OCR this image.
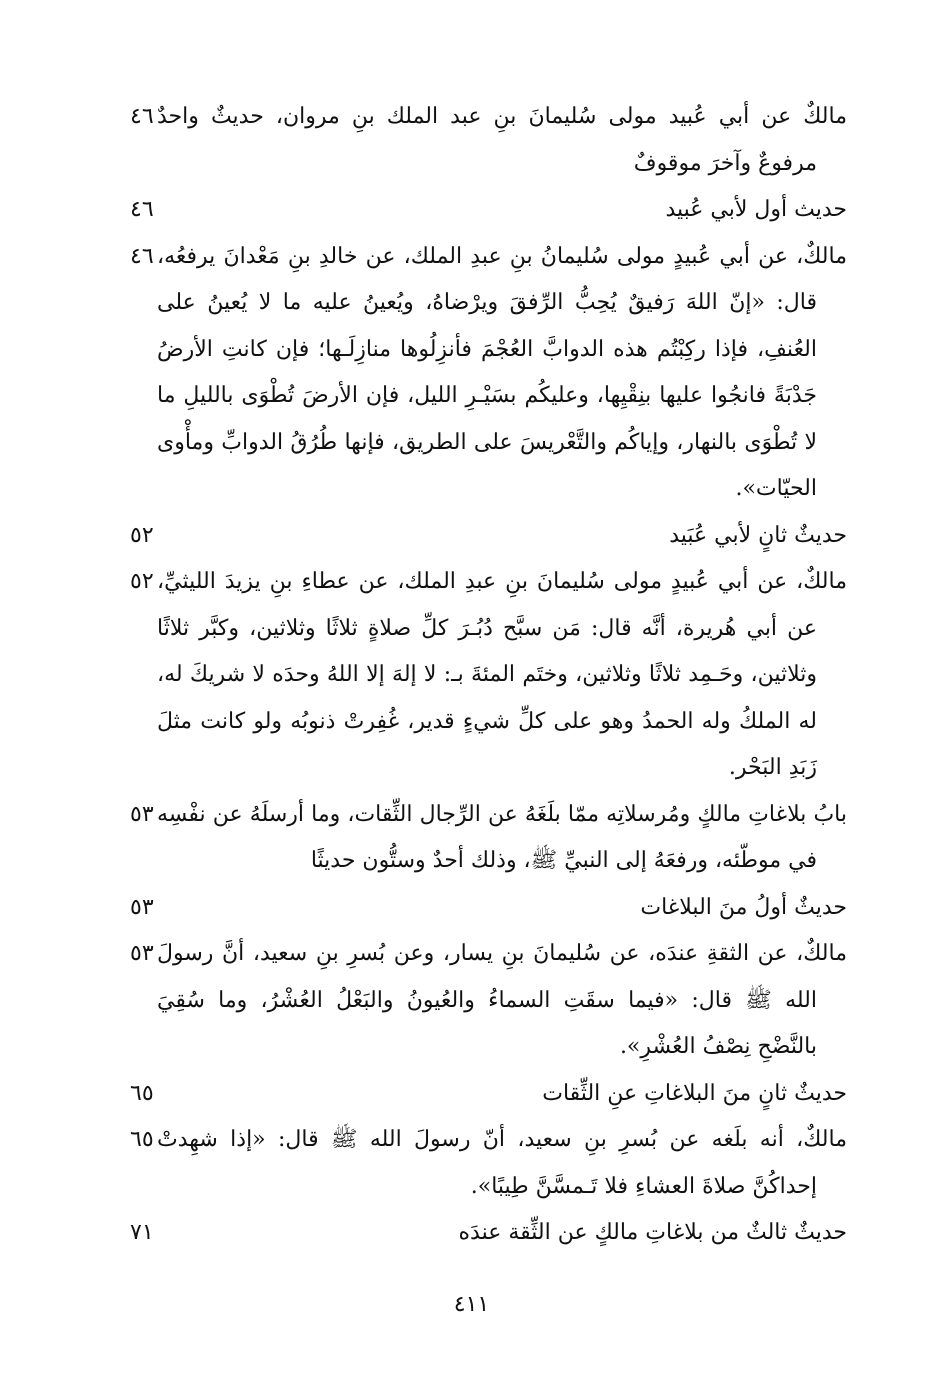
مالكٌ عن أبي عُبيد مولى سُليمانَ بنِ عبد الملك بنِ مروان، حديثٌ واحدٌ مرفوعٌ وآخرَ موقوفٌ
٤٦
حديث أول لأبي عُبيد
٤٦
مالكٌ، عن أبي عُبيدٍ مولى سُليمانُ بنِ عبدِ الملك، عن خالدِ بنِ مَعْدانَ يرفعُه، قال: «إنّ اللهَ رَفيقٌ يُحِبُّ الرِّفقَ ويرْضاهُ، ويُعينُ عليه ما لا يُعينُ على العُنفِ، فإذا ركِبْتُم هذه الدوابَّ العُجْمَ فأنزِلُوها منازِلَـها؛ فإن كانتِ الأرضُ جَدْبَةً فانجُوا عليها بنِقْيِها، وعليكُم بسَيْـرِ الليل، فإن الأرضَ تُطْوَى بالليلِ ما لا تُطْوَى بالنهار، وإياكُم والتَّعْريسَ على الطريق، فإنها طُرُقُ الدوابِّ ومأْوى الحيّات».
٤٦
حديثٌ ثانٍ لأبي عُبَيد
٥٢
مالكٌ، عن أبي عُبيدٍ مولى سُليمانَ بنِ عبدِ الملك، عن عطاءِ بنِ يزيدَ الليثيِّ، عن أبي هُريرة، أنَّه قال: مَن سبَّح دُبُـرَ كلِّ صلاةٍ ثلاثًا وثلاثين، وكبَّر ثلاثًا وثلاثين، وحَـمِد ثلاثًا وثلاثين، وختَم المئةَ بـ: لا إلهَ إلا اللهُ وحدَه لا شريكَ له، له الملكُ وله الحمدُ وهو على كلِّ شيءٍ قدير، غُفِرتْ ذنوبُه ولو كانت مثلَ زَبَدِ البَحْر.
٥٢
بابُ بلاغاتِ مالكٍ ومُرسلاتِه ممّا بلَغَهُ عن الرِّجال الثِّقات، وما أرسلَهُ عن نفْسِه في موطّئه، ورفعَهُ إلى النبيِّ ﷺ، وذلك أحدٌ وستُّون حديثًا
٥٣
حديثٌ أولُ منَ البلاغات
٥٣
مالكٌ، عن الثقةِ عندَه، عن سُليمانَ بنِ يسار، وعن بُسرِ بنِ سعيد، أنَّ رسولَ الله ﷺ قال: «فيما سقَتِ السماءُ والعُيونُ والبَعْلُ العُشْرُ، وما سُقِيَ بالنَّضْحِ نِصْفُ العُشْرِ».
٥٣
حديثٌ ثانٍ منَ البلاغاتِ عنِ الثِّقات
٦٥
مالكٌ، أنه بلَغه عن بُسرِ بنِ سعيد، أنّ رسولَ الله ﷺ قال: «إذا شهِدتْ إحداكُنَّ صلاةَ العشاءِ فلا تَـمسَّنَّ طِيبًا».
٦٥
حديثٌ ثالثٌ من بلاغاتِ مالكٍ عن الثِّقة عندَه
٧١
٤١١
